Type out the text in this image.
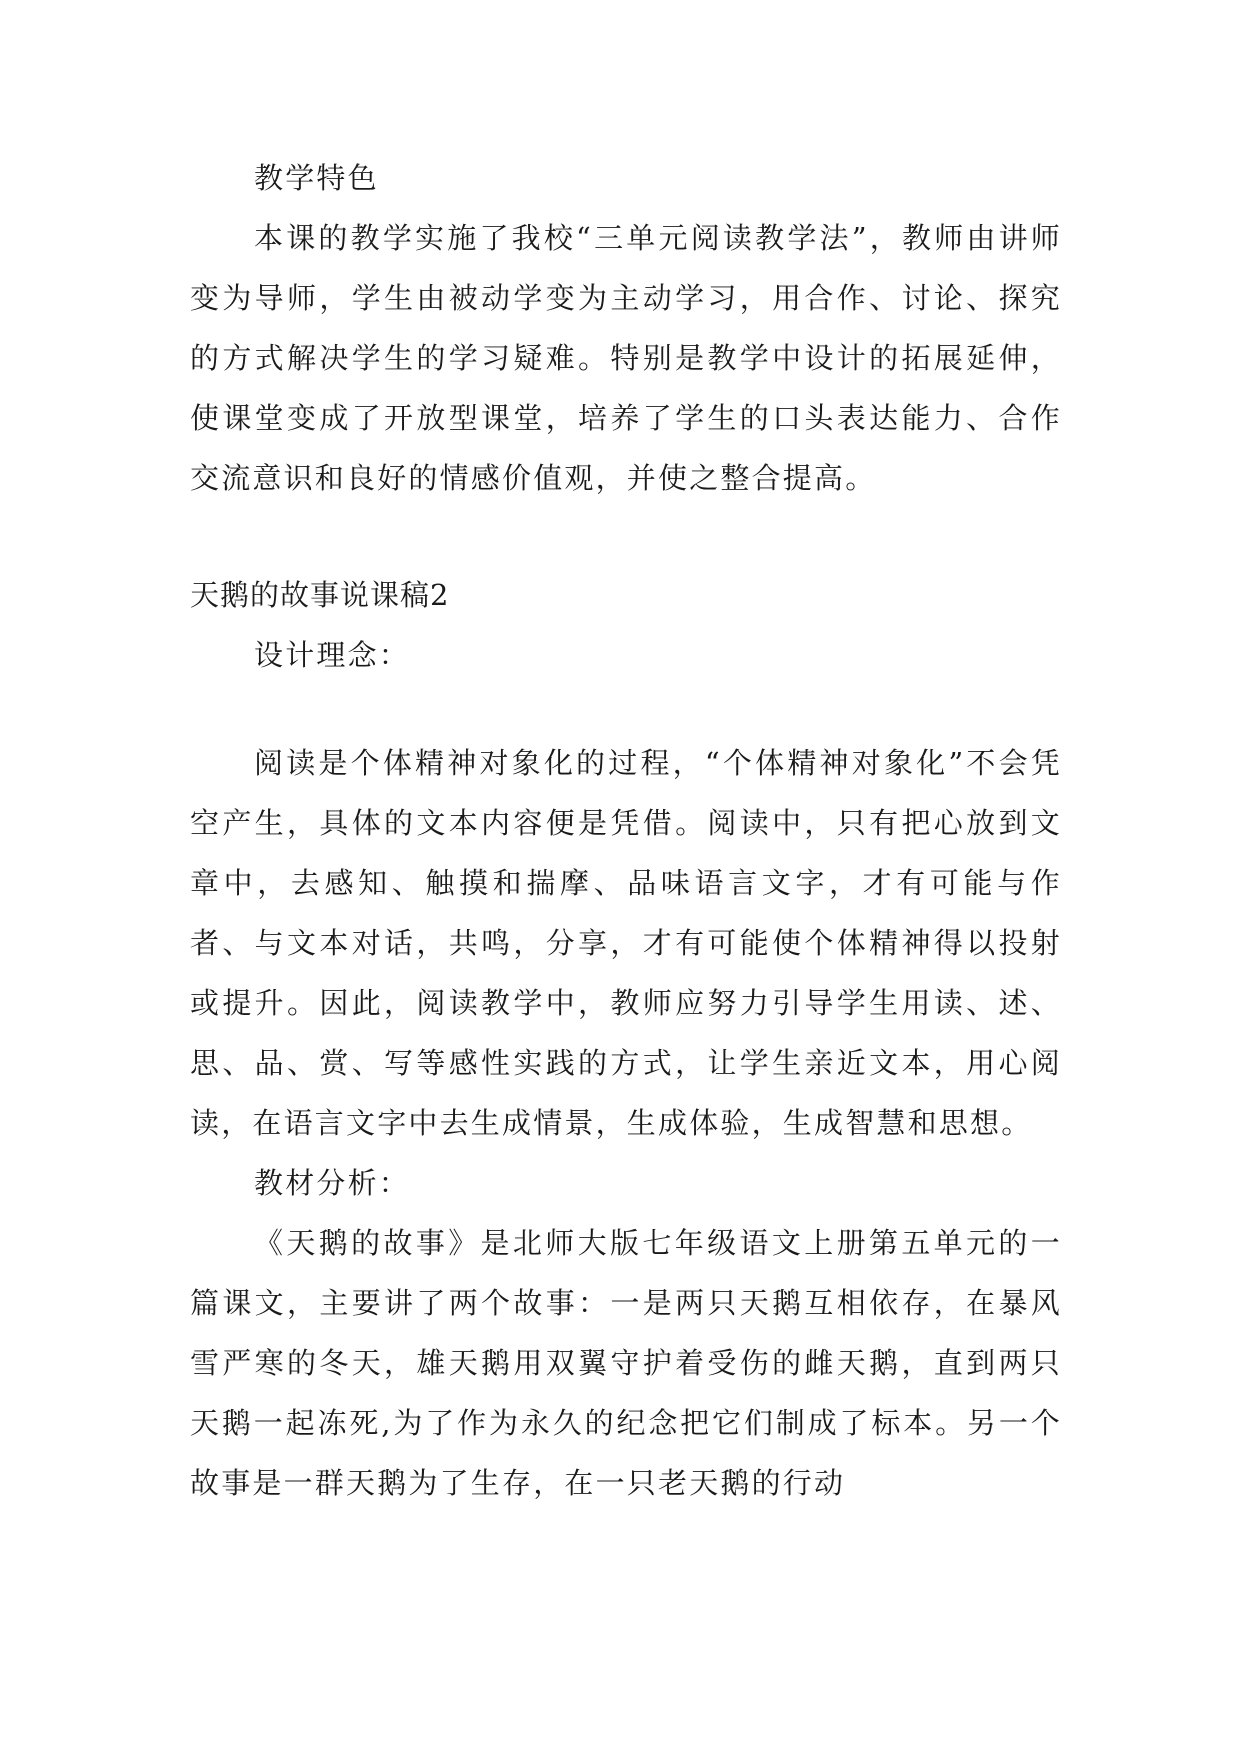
教学特色

本课的教学实施了我校“三单元阅读教学法”，教师由讲师变为导师，学生由被动学变为主动学习，用合作、讨论、探究的方式解决学生的学习疑难。特别是教学中设计的拓展延伸，使课堂变成了开放型课堂，培养了学生的口头表达能力、合作交流意识和良好的情感价值观，并使之整合提高。

天鹅的故事说课稿2

设计理念：

阅读是个体精神对象化的过程，“个体精神对象化”不会凭空产生，具体的文本内容便是凭借。阅读中，只有把心放到文章中，去感知、触摸和揣摩、品味语言文字，才有可能与作者、与文本对话，共鸣，分享，才有可能使个体精神得以投射或提升。因此，阅读教学中，教师应努力引导学生用读、述、思、品、赏、写等感性实践的方式，让学生亲近文本，用心阅读，在语言文字中去生成情景，生成体验，生成智慧和思想。

教材分析：

《天鹅的故事》是北师大版七年级语文上册第五单元的一篇课文，主要讲了两个故事：一是两只天鹅互相依存，在暴风雪严寒的冬天，雄天鹅用双翼守护着受伤的雌天鹅，直到两只天鹅一起冻死,为了作为永久的纪念把它们制成了标本。另一个故事是一群天鹅为了生存，在一只老天鹅的行动
